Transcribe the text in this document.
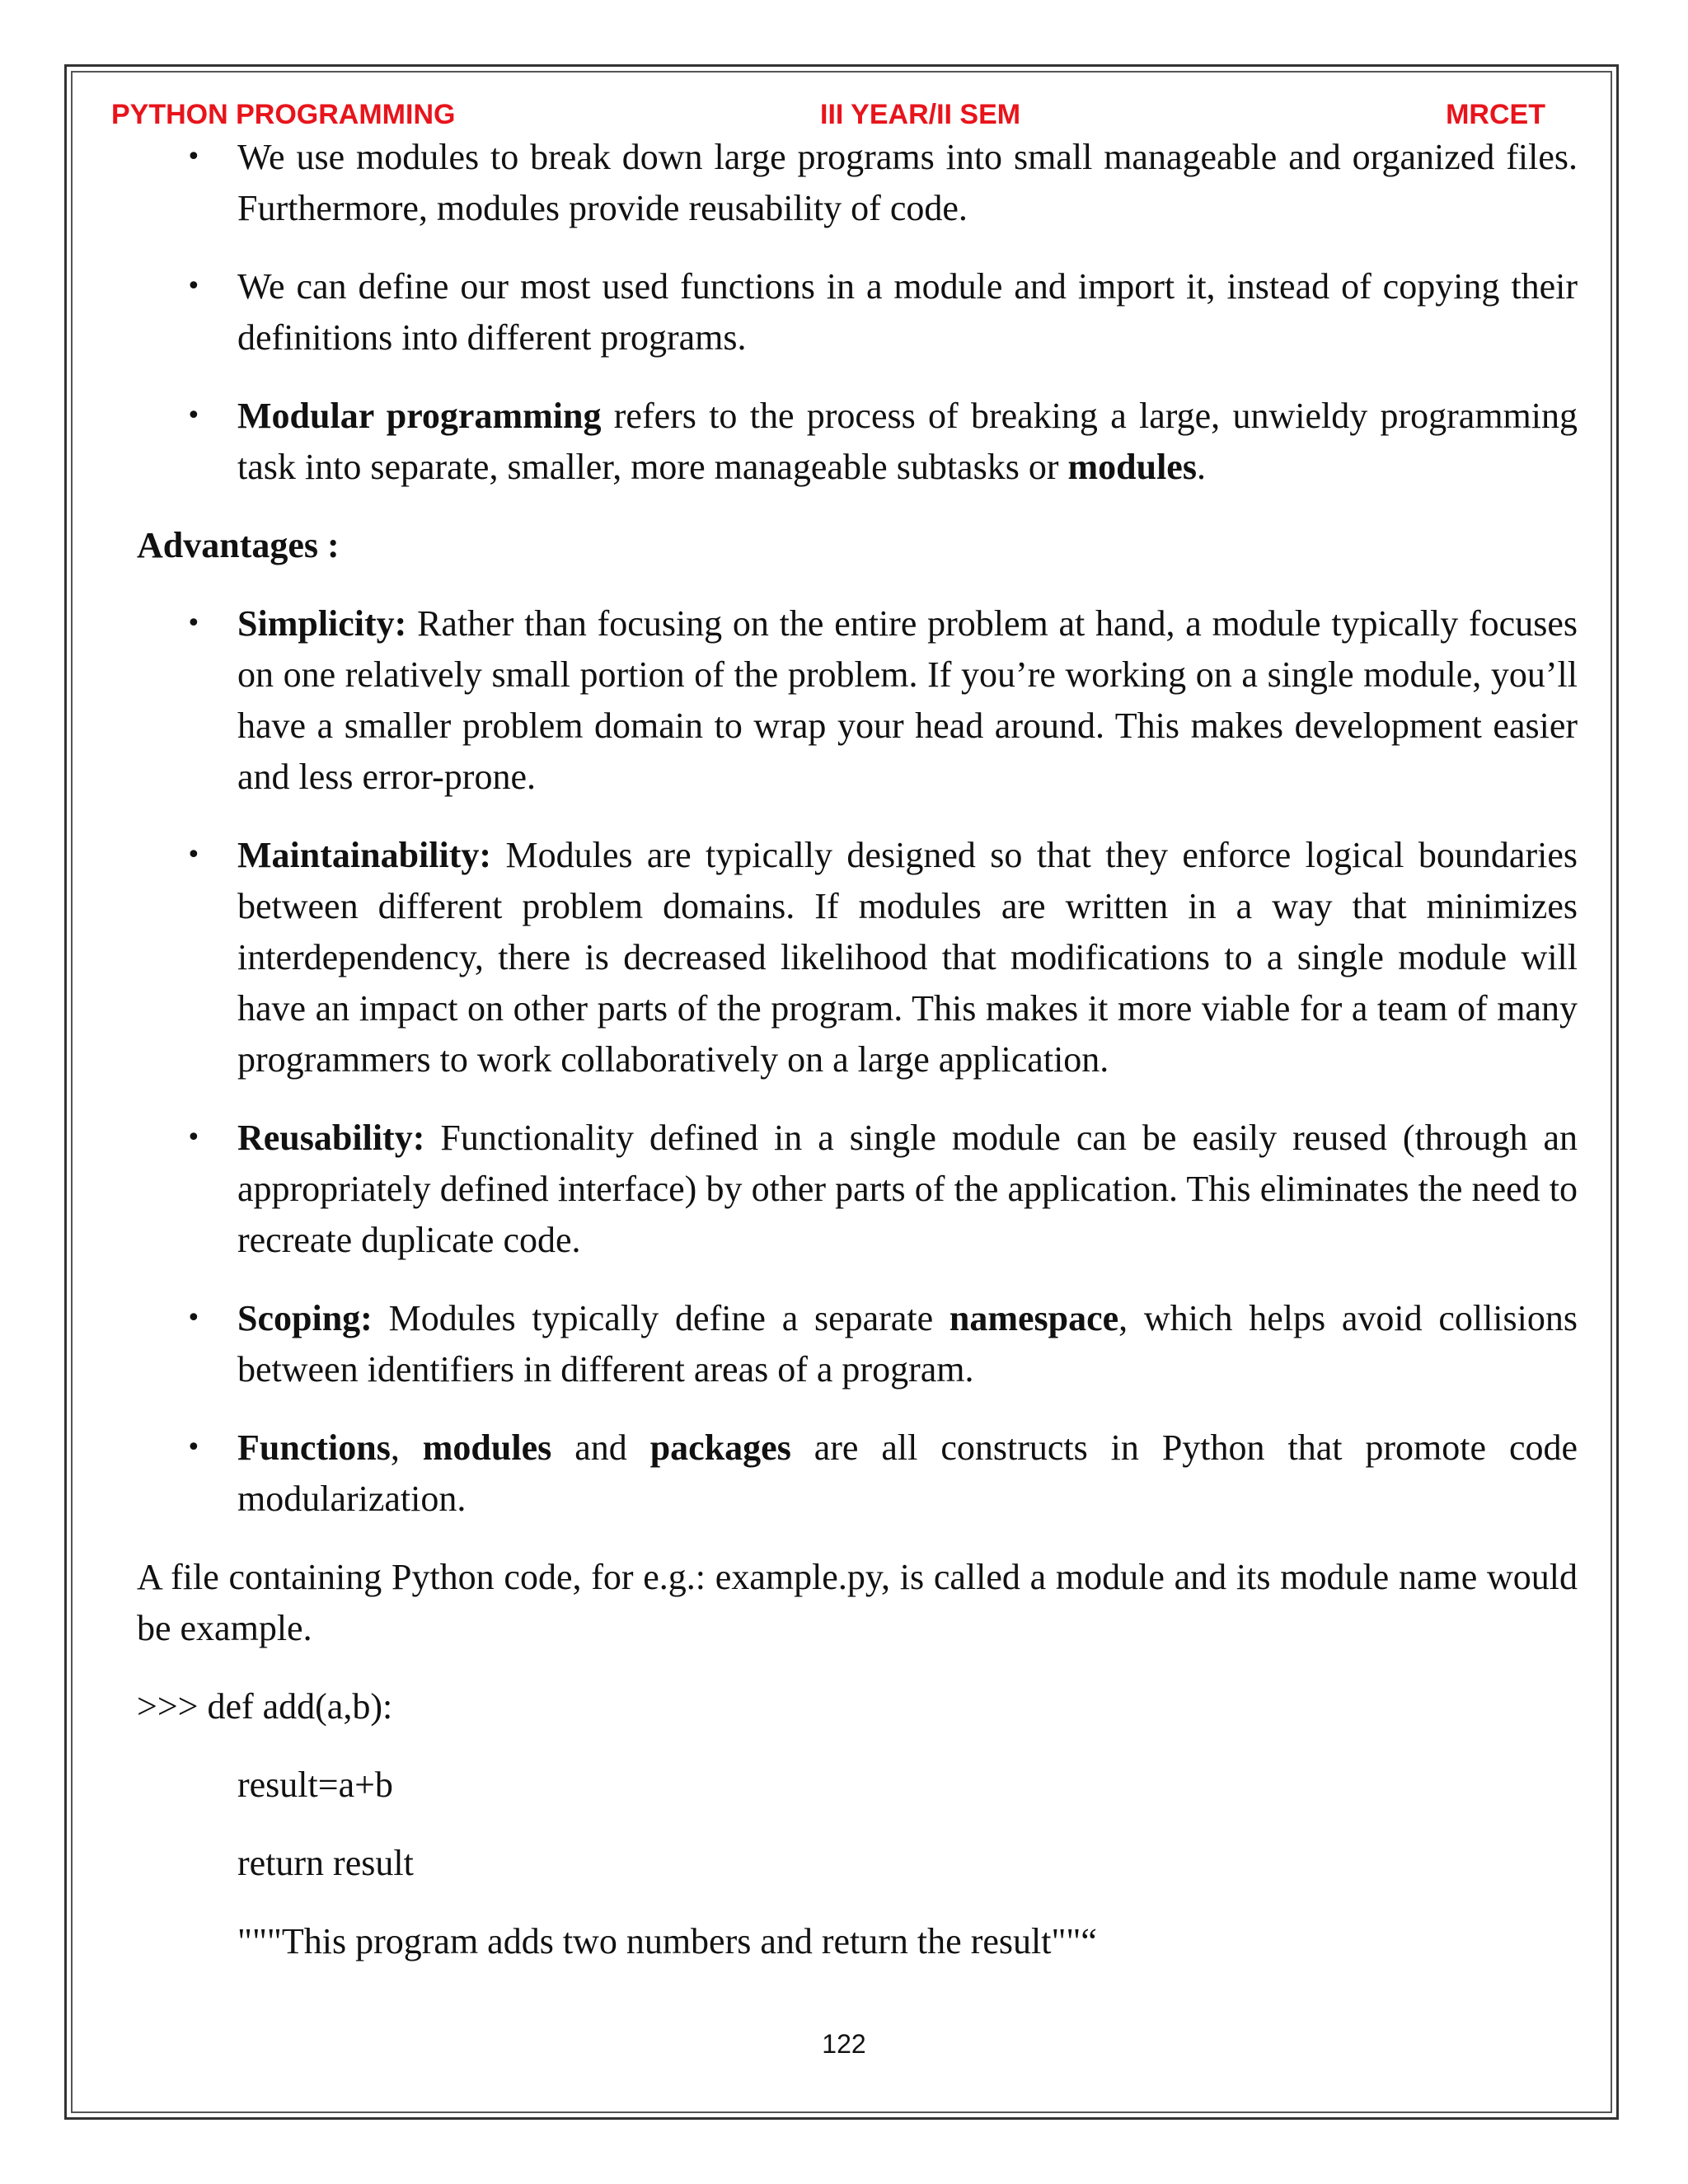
PYTHON PROGRAMMING	III YEAR/II SEM	MRCET
• We use modules to break down large programs into small manageable and organized files. Furthermore, modules provide reusability of code.
• We can define our most used functions in a module and import it, instead of copying their definitions into different programs.
• Modular programming refers to the process of breaking a large, unwieldy programming task into separate, smaller, more manageable subtasks or modules.
Advantages :
• Simplicity: Rather than focusing on the entire problem at hand, a module typically focuses on one relatively small portion of the problem. If you’re working on a single module, you’ll have a smaller problem domain to wrap your head around. This makes development easier and less error-prone.
• Maintainability: Modules are typically designed so that they enforce logical boundaries between different problem domains. If modules are written in a way that minimizes interdependency, there is decreased likelihood that modifications to a single module will have an impact on other parts of the program. This makes it more viable for a team of many programmers to work collaboratively on a large application.
• Reusability: Functionality defined in a single module can be easily reused (through an appropriately defined interface) by other parts of the application. This eliminates the need to recreate duplicate code.
• Scoping: Modules typically define a separate namespace, which helps avoid collisions between identifiers in different areas of a program.
• Functions, modules and packages are all constructs in Python that promote code modularization.
A file containing Python code, for e.g.: example.py, is called a module and its module name would be example.
>>> def add(a,b):
result=a+b
return result
"""This program adds two numbers and return the result""“
122
